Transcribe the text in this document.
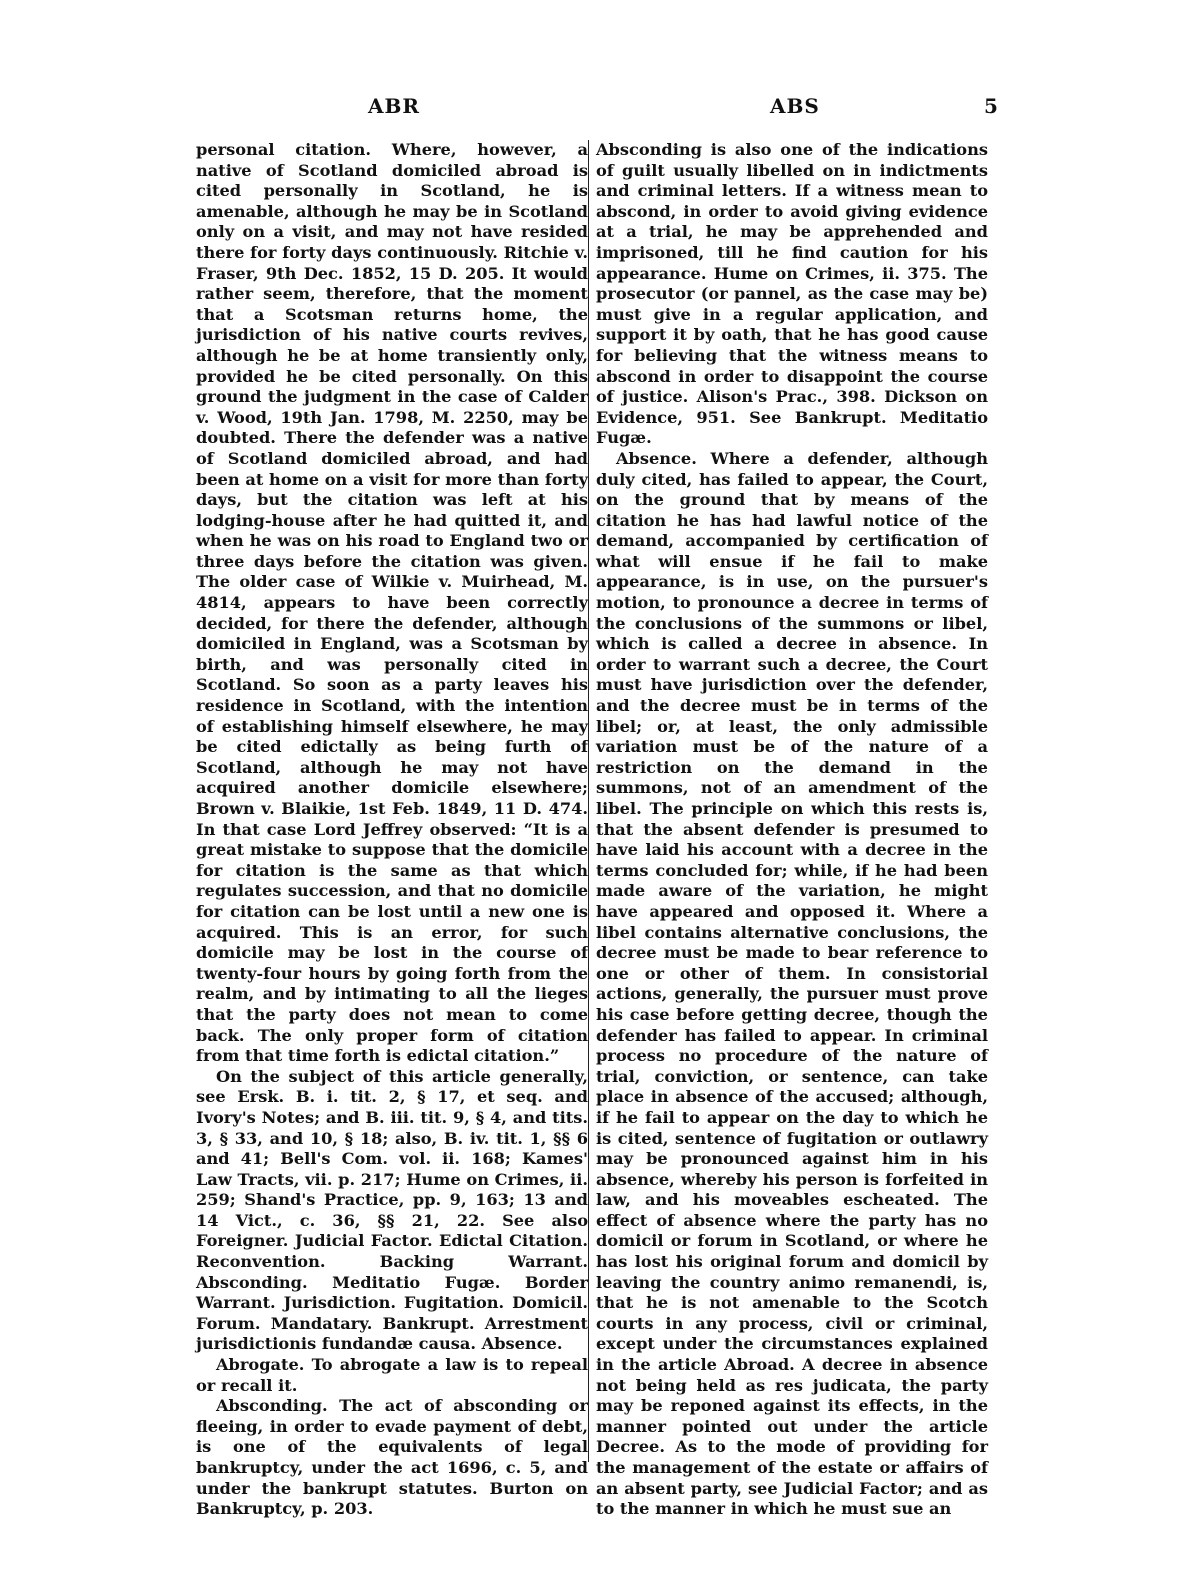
ABR	ABS	5

personal citation. Where, however, a native of Scotland domiciled abroad is cited personally in Scotland, he is amenable, although he may be in Scotland only on a visit, and may not have resided there for forty days continuously. Ritchie v. Fraser, 9th Dec. 1852, 15 D. 205. It would rather seem, therefore, that the moment that a Scotsman returns home, the jurisdiction of his native courts revives, although he be at home transiently only, provided he be cited personally. On this ground the judgment in the case of Calder v. Wood, 19th Jan. 1798, M. 2250, may be doubted. There the defender was a native of Scotland domiciled abroad, and had been at home on a visit for more than forty days, but the citation was left at his lodging-house after he had quitted it, and when he was on his road to England two or three days before the citation was given. The older case of Wilkie v. Muirhead, M. 4814, appears to have been correctly decided, for there the defender, although domiciled in England, was a Scotsman by birth, and was personally cited in Scotland. So soon as a party leaves his residence in Scotland, with the intention of establishing himself elsewhere, he may be cited edictally as being furth of Scotland, although he may not have acquired another domicile elsewhere; Brown v. Blaikie, 1st Feb. 1849, 11 D. 474. In that case Lord Jeffrey observed: “It is a great mistake to suppose that the domicile for citation is the same as that which regulates succession, and that no domicile for citation can be lost until a new one is acquired. This is an error, for such domicile may be lost in the course of twenty-four hours by going forth from the realm, and by intimating to all the lieges that the party does not mean to come back. The only proper form of citation from that time forth is edictal citation.”

On the subject of this article generally, see Ersk. B. i. tit. 2, § 17, et seq. and Ivory's Notes; and B. iii. tit. 9, § 4, and tits. 3, § 33, and 10, § 18; also, B. iv. tit. 1, §§ 6 and 41; Bell's Com. vol. ii. 168; Kames' Law Tracts, vii. p. 217; Hume on Crimes, ii. 259; Shand's Practice, pp. 9, 163; 13 and 14 Vict., c. 36, §§ 21, 22. See also Foreigner. Judicial Factor. Edictal Citation. Reconvention. Backing Warrant. Absconding. Meditatio Fugæ. Border Warrant. Jurisdiction. Fugitation. Domicil. Forum. Mandatary. Bankrupt. Arrestment jurisdictionis fundandæ causa. Absence.

Abrogate. To abrogate a law is to repeal or recall it.

Absconding. The act of absconding or fleeing, in order to evade payment of debt, is one of the equivalents of legal bankruptcy, under the act 1696, c. 5, and under the bankrupt statutes. Burton on Bankruptcy, p. 203.

Absconding is also one of the indications of guilt usually libelled on in indictments and criminal letters. If a witness mean to abscond, in order to avoid giving evidence at a trial, he may be apprehended and imprisoned, till he find caution for his appearance. Hume on Crimes, ii. 375. The prosecutor (or pannel, as the case may be) must give in a regular application, and support it by oath, that he has good cause for believing that the witness means to abscond in order to disappoint the course of justice. Alison's Prac., 398. Dickson on Evidence, 951. See Bankrupt. Meditatio Fugæ.

Absence. Where a defender, although duly cited, has failed to appear, the Court, on the ground that by means of the citation he has had lawful notice of the demand, accompanied by certification of what will ensue if he fail to make appearance, is in use, on the pursuer's motion, to pronounce a decree in terms of the conclusions of the summons or libel, which is called a decree in absence. In order to warrant such a decree, the Court must have jurisdiction over the defender, and the decree must be in terms of the libel; or, at least, the only admissible variation must be of the nature of a restriction on the demand in the summons, not of an amendment of the libel. The principle on which this rests is, that the absent defender is presumed to have laid his account with a decree in the terms concluded for; while, if he had been made aware of the variation, he might have appeared and opposed it. Where a libel contains alternative conclusions, the decree must be made to bear reference to one or other of them. In consistorial actions, generally, the pursuer must prove his case before getting decree, though the defender has failed to appear. In criminal process no procedure of the nature of trial, conviction, or sentence, can take place in absence of the accused; although, if he fail to appear on the day to which he is cited, sentence of fugitation or outlawry may be pronounced against him in his absence, whereby his person is forfeited in law, and his moveables escheated. The effect of absence where the party has no domicil or forum in Scotland, or where he has lost his original forum and domicil by leaving the country animo remanendi, is, that he is not amenable to the Scotch courts in any process, civil or criminal, except under the circumstances explained in the article Abroad. A decree in absence not being held as res judicata, the party may be reponed against its effects, in the manner pointed out under the article Decree. As to the mode of providing for the management of the estate or affairs of an absent party, see Judicial Factor; and as to the manner in which he must sue an
